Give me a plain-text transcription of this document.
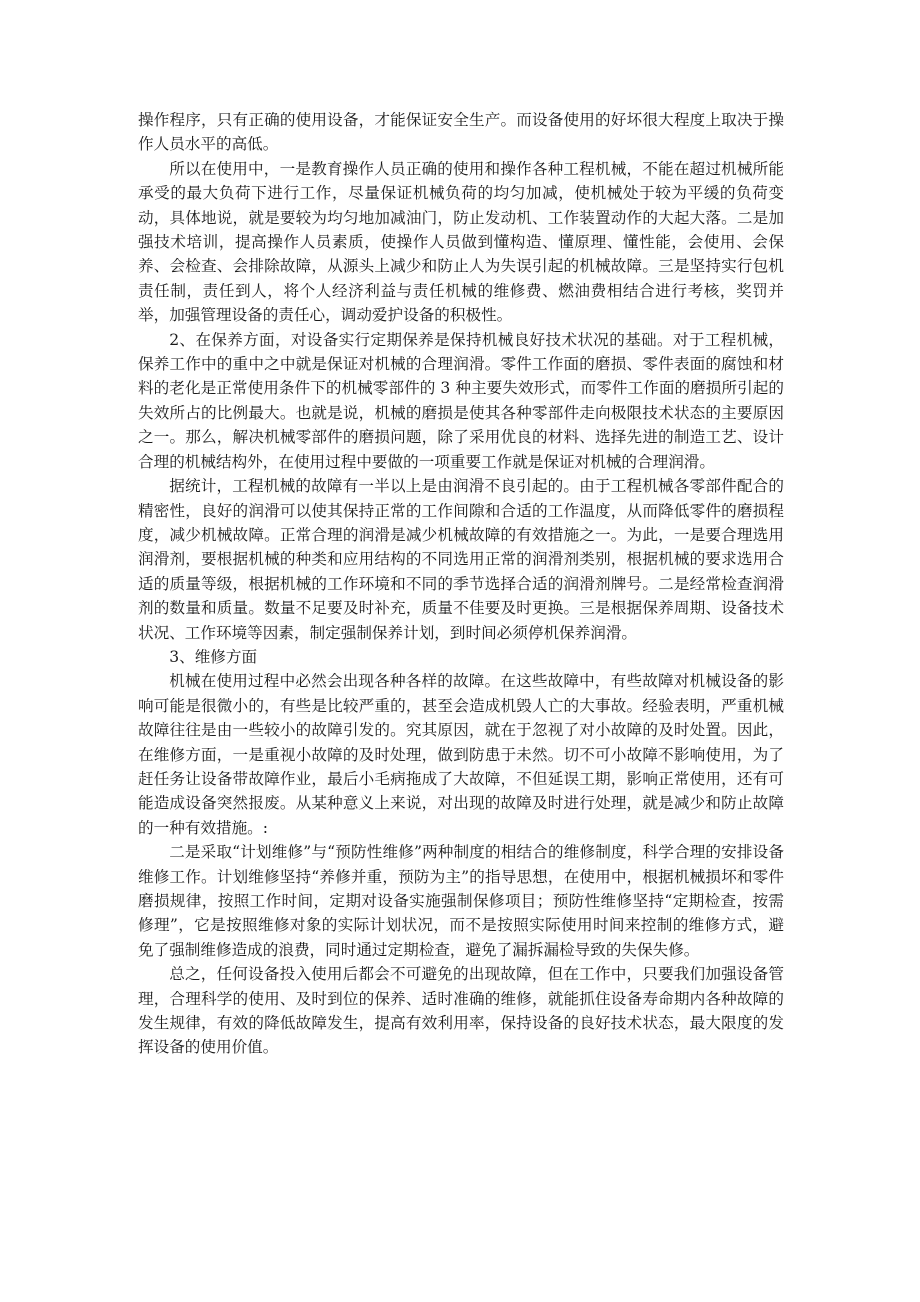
操作程序，只有正确的使用设备，才能保证安全生产。而设备使用的好坏很大程度上取决于操作人员水平的高低。

所以在使用中，一是教育操作人员正确的使用和操作各种工程机械，不能在超过机械所能承受的最大负荷下进行工作，尽量保证机械负荷的均匀加减，使机械处于较为平缓的负荷变动，具体地说，就是要较为均匀地加减油门，防止发动机、工作装置动作的大起大落。二是加强技术培训，提高操作人员素质，使操作人员做到懂构造、懂原理、懂性能，会使用、会保养、会检查、会排除故障，从源头上减少和防止人为失误引起的机械故障。三是坚持实行包机责任制，责任到人，将个人经济利益与责任机械的维修费、燃油费相结合进行考核，奖罚并举，加强管理设备的责任心，调动爱护设备的积极性。

2、在保养方面，对设备实行定期保养是保持机械良好技术状况的基础。对于工程机械，保养工作中的重中之中就是保证对机械的合理润滑。零件工作面的磨损、零件表面的腐蚀和材料的老化是正常使用条件下的机械零部件的 3 种主要失效形式，而零件工作面的磨损所引起的失效所占的比例最大。也就是说，机械的磨损是使其各种零部件走向极限技术状态的主要原因之一。那么，解决机械零部件的磨损问题，除了采用优良的材料、选择先进的制造工艺、设计合理的机械结构外，在使用过程中要做的一项重要工作就是保证对机械的合理润滑。

据统计，工程机械的故障有一半以上是由润滑不良引起的。由于工程机械各零部件配合的精密性，良好的润滑可以使其保持正常的工作间隙和合适的工作温度，从而降低零件的磨损程度，减少机械故障。正常合理的润滑是减少机械故障的有效措施之一。为此，一是要合理选用润滑剂，要根据机械的种类和应用结构的不同选用正常的润滑剂类别，根据机械的要求选用合适的质量等级，根据机械的工作环境和不同的季节选择合适的润滑剂牌号。二是经常检查润滑剂的数量和质量。数量不足要及时补充，质量不佳要及时更换。三是根据保养周期、设备技术状况、工作环境等因素，制定强制保养计划，到时间必须停机保养润滑。

3、维修方面

机械在使用过程中必然会出现各种各样的故障。在这些故障中，有些故障对机械设备的影响可能是很微小的，有些是比较严重的，甚至会造成机毁人亡的大事故。经验表明，严重机械故障往往是由一些较小的故障引发的。究其原因，就在于忽视了对小故障的及时处置。因此，在维修方面，一是重视小故障的及时处理，做到防患于未然。切不可小故障不影响使用，为了赶任务让设备带故障作业，最后小毛病拖成了大故障，不但延误工期，影响正常使用，还有可能造成设备突然报废。从某种意义上来说，对出现的故障及时进行处理，就是减少和防止故障的一种有效措施。:

二是采取“计划维修”与“预防性维修”两种制度的相结合的维修制度，科学合理的安排设备维修工作。计划维修坚持“养修并重，预防为主”的指导思想，在使用中，根据机械损坏和零件磨损规律，按照工作时间，定期对设备实施强制保修项目；预防性维修坚持“定期检查，按需修理”，它是按照维修对象的实际计划状况，而不是按照实际使用时间来控制的维修方式，避免了强制维修造成的浪费，同时通过定期检查，避免了漏拆漏检导致的失保失修。

总之，任何设备投入使用后都会不可避免的出现故障，但在工作中，只要我们加强设备管理，合理科学的使用、及时到位的保养、适时准确的维修，就能抓住设备寿命期内各种故障的发生规律，有效的降低故障发生，提高有效利用率，保持设备的良好技术状态，最大限度的发挥设备的使用价值。
